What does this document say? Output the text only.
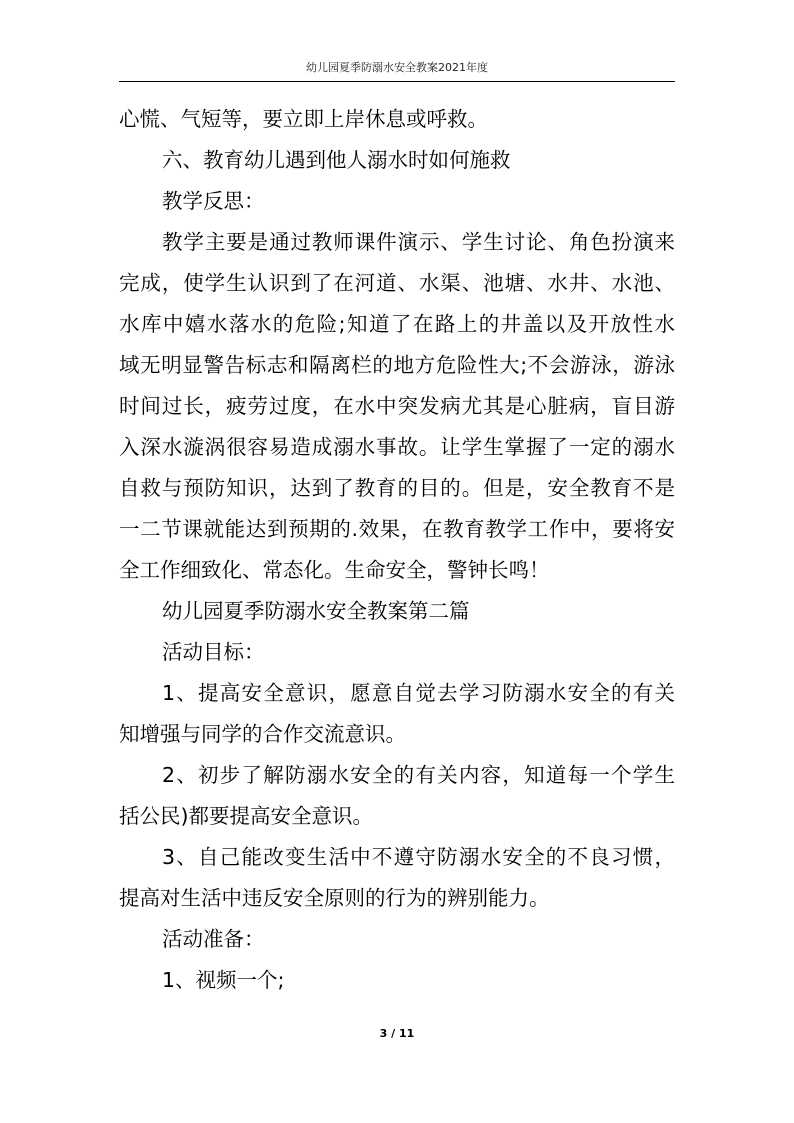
幼儿园夏季防溺水安全教案2021年度
心慌、气短等，要立即上岸休息或呼救。
六、教育幼儿遇到他人溺水时如何施救
教学反思：
教学主要是通过教师课件演示、学生讨论、角色扮演来
完成，使学生认识到了在河道、水渠、池塘、水井、水池、
水库中嬉水落水的危险;知道了在路上的井盖以及开放性水
域无明显警告标志和隔离栏的地方危险性大;不会游泳，游泳
时间过长，疲劳过度，在水中突发病尤其是心脏病，盲目游
入深水漩涡很容易造成溺水事故。让学生掌握了一定的溺水
自救与预防知识，达到了教育的目的。但是，安全教育不是
一二节课就能达到预期的.效果，在教育教学工作中，要将安
全工作细致化、常态化。生命安全，警钟长鸣！
幼儿园夏季防溺水安全教案第二篇
活动目标：
1、提高安全意识，愿意自觉去学习防溺水安全的有关
知增强与同学的合作交流意识。
2、初步了解防溺水安全的有关内容，知道每一个学生
括公民)都要提高安全意识。
3、自己能改变生活中不遵守防溺水安全的不良习惯，
提高对生活中违反安全原则的行为的辨别能力。
活动准备：
1、视频一个;
3 / 11
